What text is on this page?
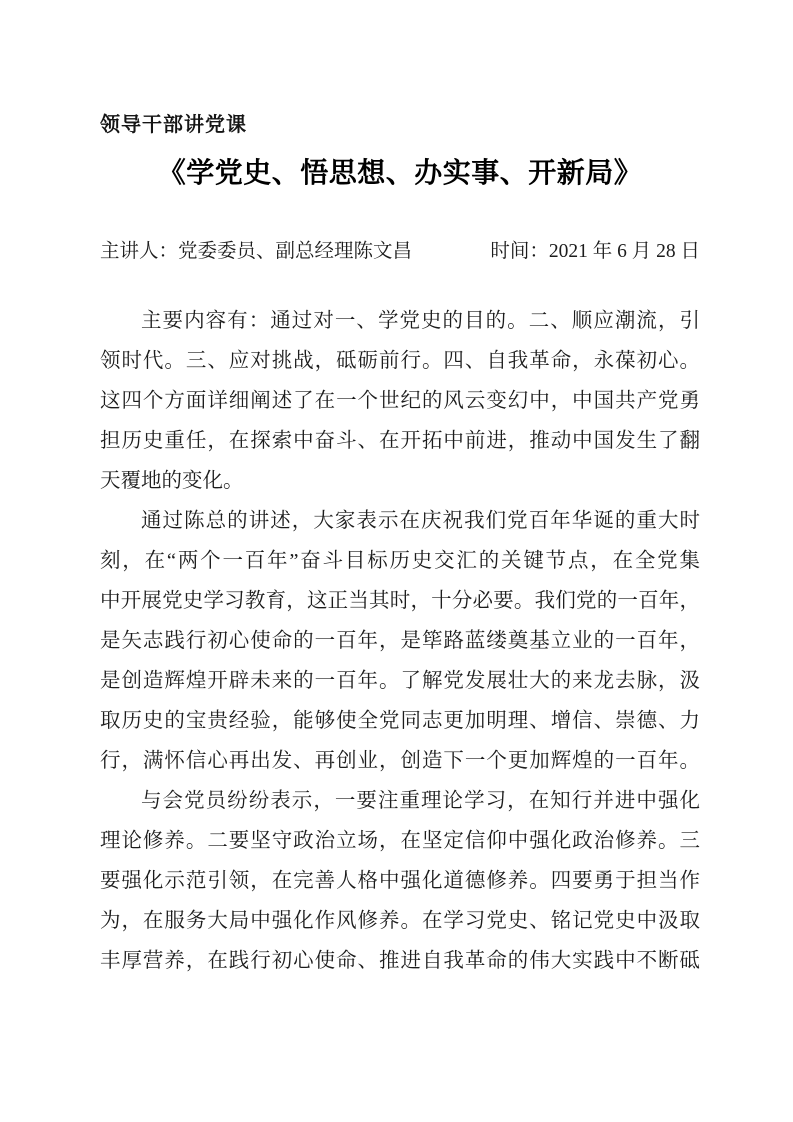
领导干部讲党课
《学党史、悟思想、办实事、开新局》
主讲人：党委委员、副总经理陈文昌	时间：2021 年 6 月 28 日
主要内容有：通过对一、学党史的目的。二、顺应潮流，引
领时代。三、应对挑战，砥砺前行。四、自我革命，永葆初心。
这四个方面详细阐述了在一个世纪的风云变幻中，中国共产党勇
担历史重任，在探索中奋斗、在开拓中前进，推动中国发生了翻
天覆地的变化。
通过陈总的讲述，大家表示在庆祝我们党百年华诞的重大时
刻，在“两个一百年”奋斗目标历史交汇的关键节点，在全党集
中开展党史学习教育，这正当其时，十分必要。我们党的一百年，
是矢志践行初心使命的一百年，是筚路蓝缕奠基立业的一百年，
是创造辉煌开辟未来的一百年。了解党发展壮大的来龙去脉，汲
取历史的宝贵经验，能够使全党同志更加明理、增信、崇德、力
行，满怀信心再出发、再创业，创造下一个更加辉煌的一百年。
与会党员纷纷表示，一要注重理论学习，在知行并进中强化
理论修养。二要坚守政治立场，在坚定信仰中强化政治修养。三
要强化示范引领，在完善人格中强化道德修养。四要勇于担当作
为，在服务大局中强化作风修养。在学习党史、铭记党史中汲取
丰厚营养，在践行初心使命、推进自我革命的伟大实践中不断砥
